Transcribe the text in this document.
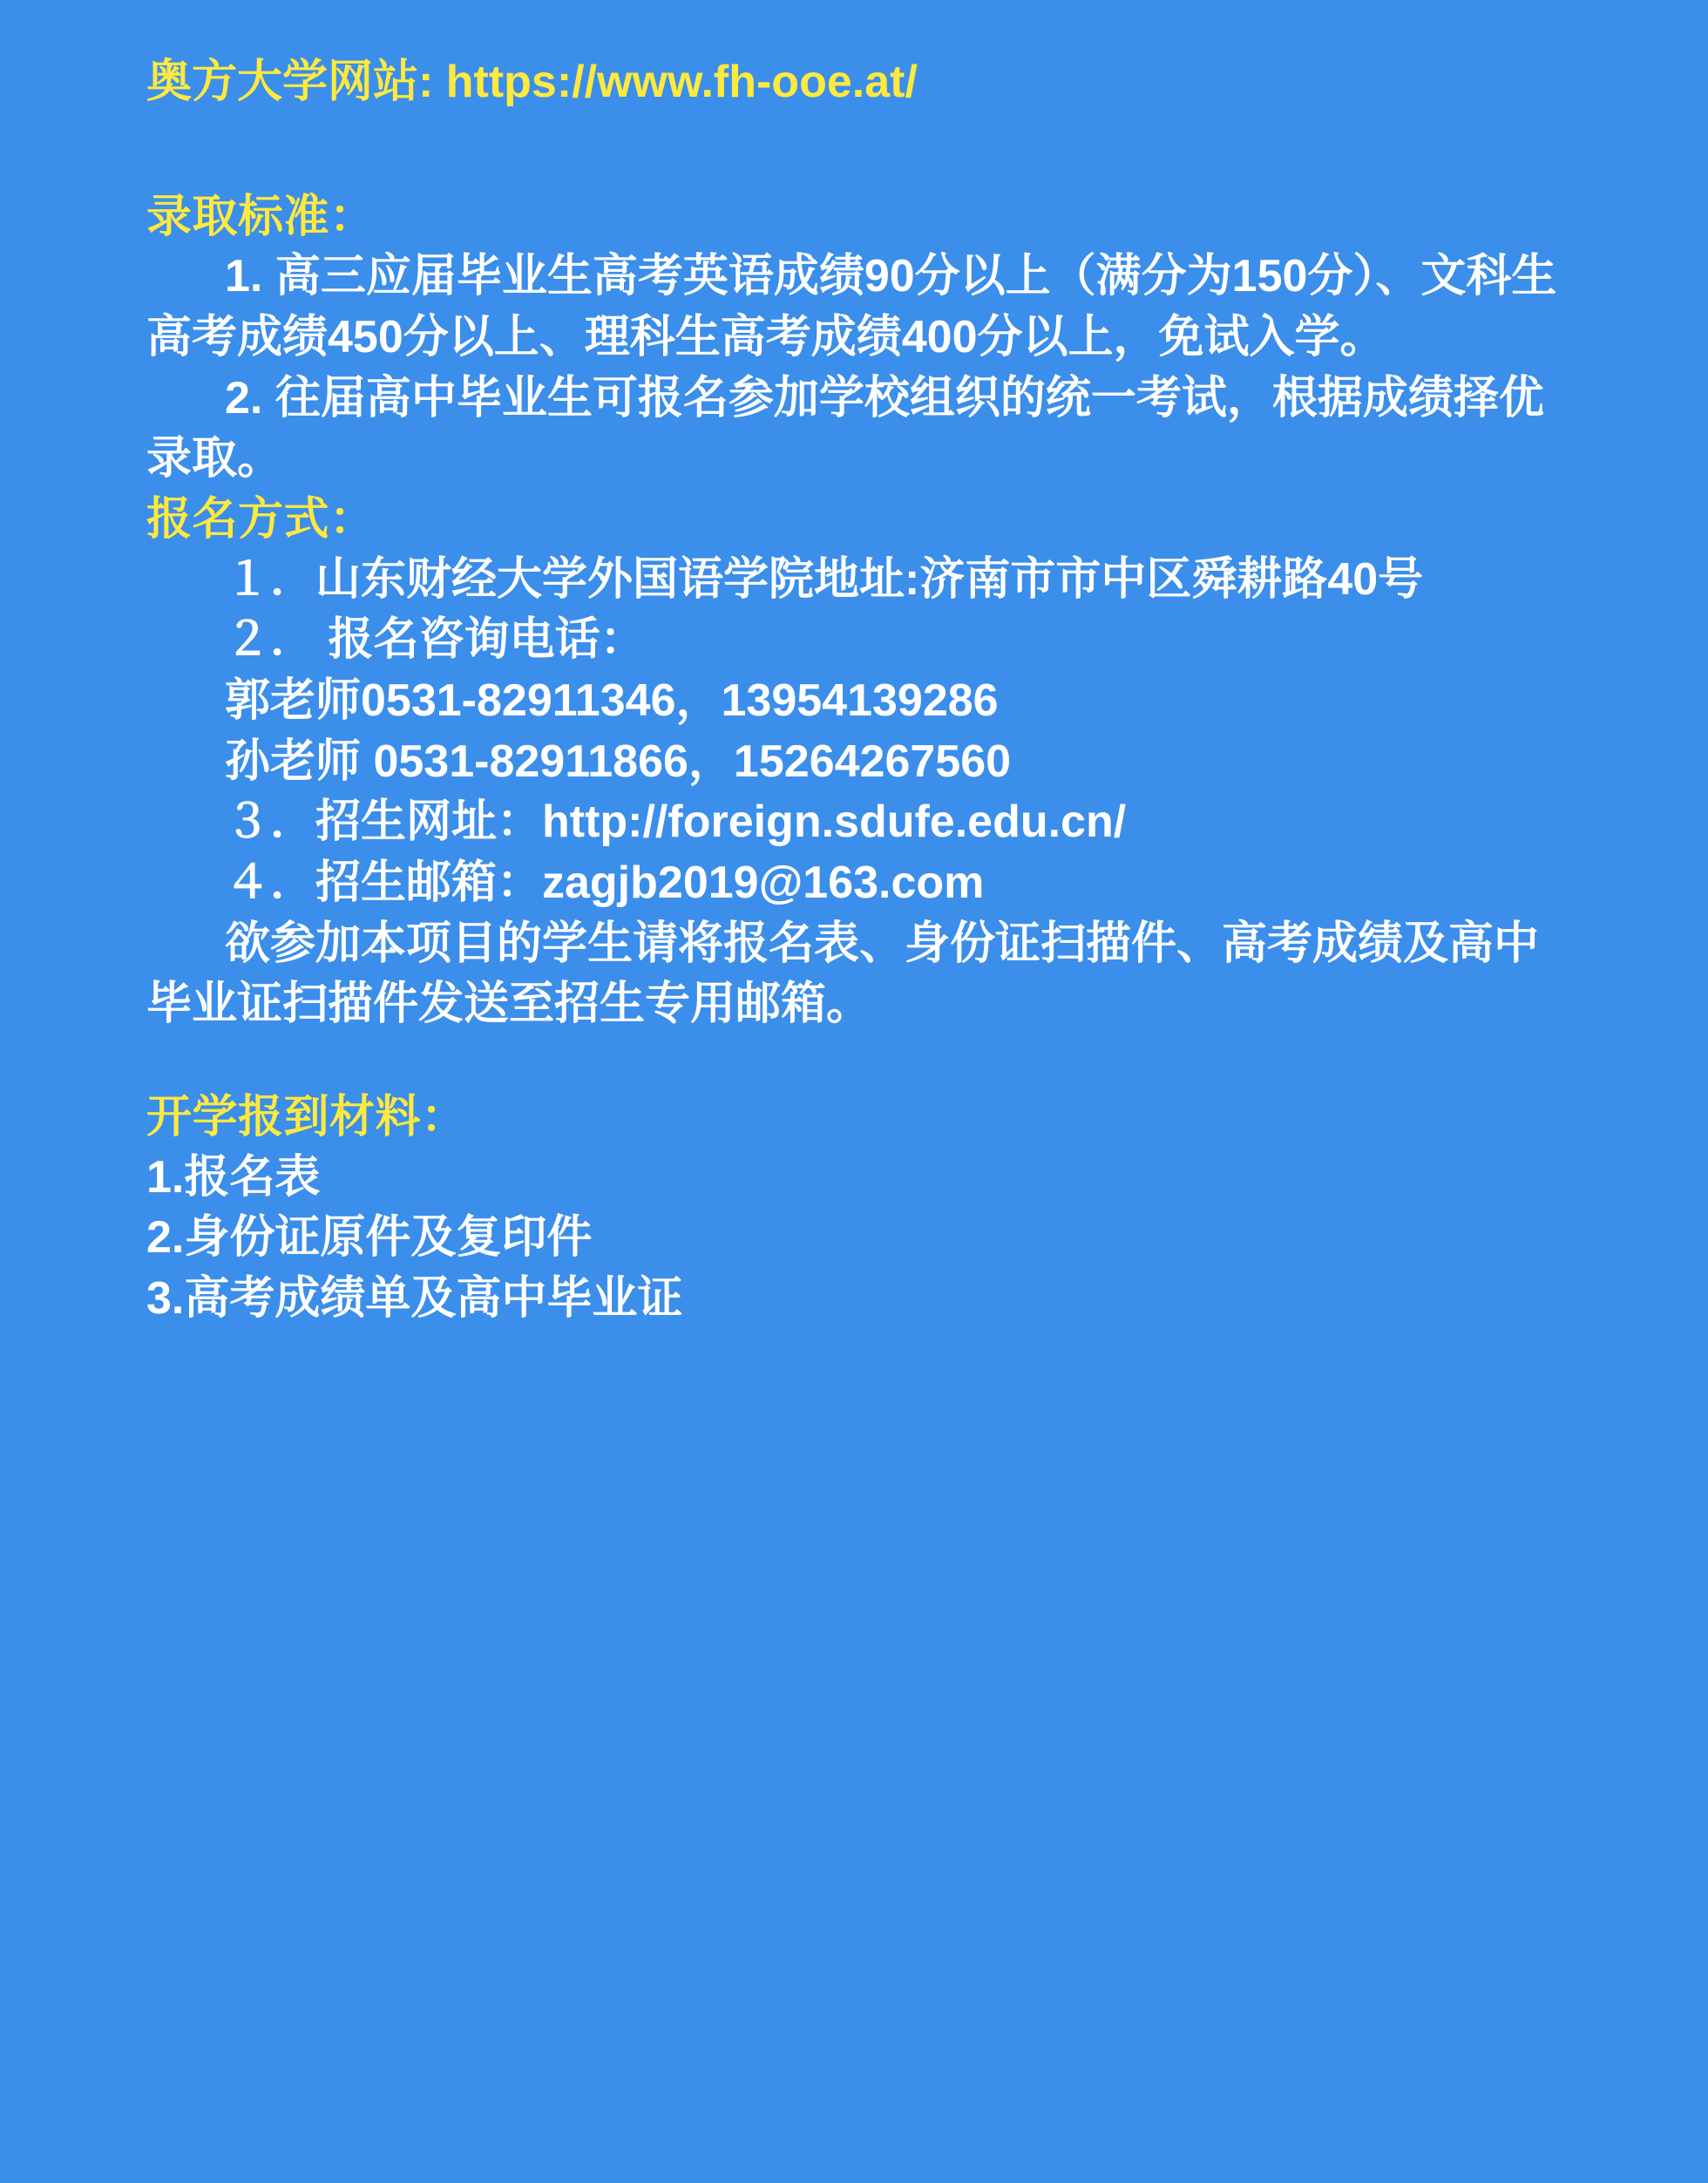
奥方大学网站: https://www.fh-ooe.at/

录取标准：

1. 高三应届毕业生高考英语成绩90分以上（满分为150分）、文科生高考成绩450分以上、理科生高考成绩400分以上，免试入学。

2. 往届高中毕业生可报名参加学校组织的统一考试，根据成绩择优录取。

报名方式：

１．山东财经大学外国语学院地址:济南市市中区舜耕路40号

２． 报名咨询电话：

郭老师0531-82911346，13954139286

孙老师 0531-82911866，15264267560

３．招生网址：http://foreign.sdufe.edu.cn/

４．招生邮箱：zagjb2019@163.com

欲参加本项目的学生请将报名表、身份证扫描件、高考成绩及高中毕业证扫描件发送至招生专用邮箱。

开学报到材料：

1.报名表

2.身份证原件及复印件

3.高考成绩单及高中毕业证
